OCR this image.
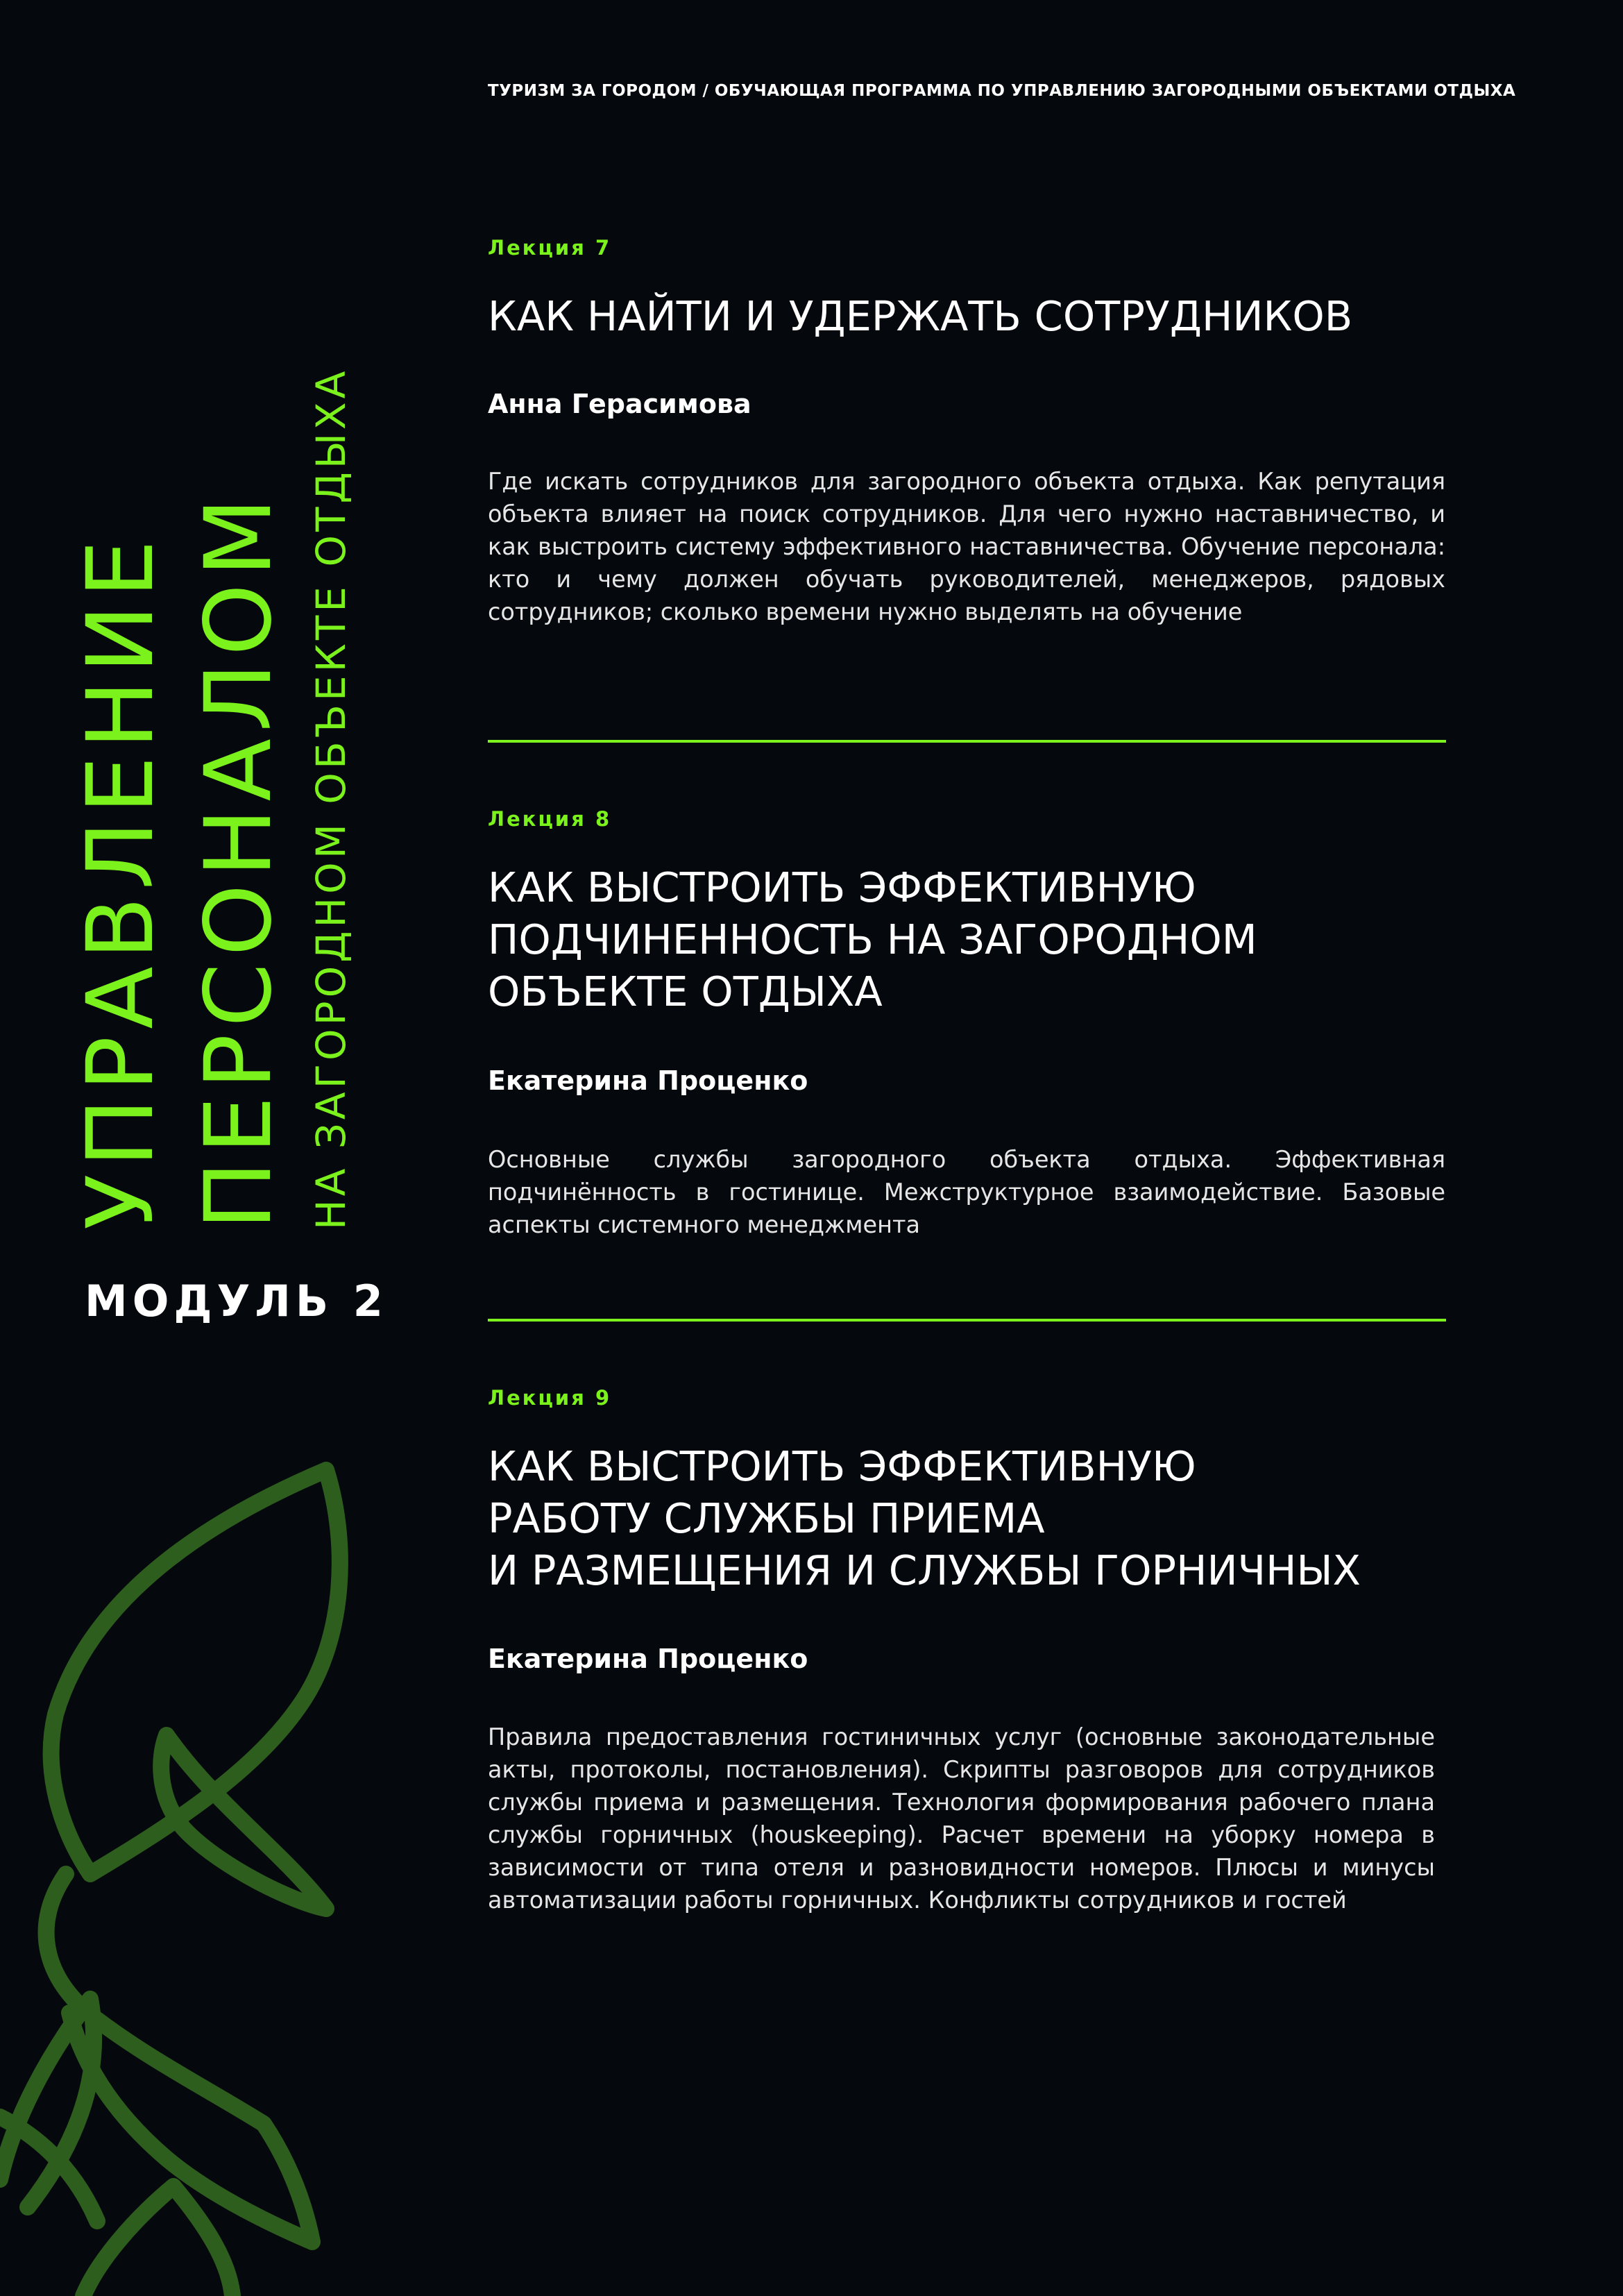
ТУРИЗМ ЗА ГОРОДОМ / ОБУЧАЮЩАЯ ПРОГРАММА ПО УПРАВЛЕНИЮ ЗАГОРОДНЫМИ ОБЪЕКТАМИ ОТДЫХА
УПРАВЛЕНИЕ ПЕРСОНАЛОМ НА ЗАГОРОДНОМ ОБЪЕКТЕ ОТДЫХА
МОДУЛЬ 2

Лекция 7

КАК НАЙТИ И УДЕРЖАТЬ СОТРУДНИКОВ

Анна Герасимова

Где искать сотрудников для загородного объекта отдыха. Как репутация объекта влияет на поиск сотрудников. Для чего нужно наставничество, и как выстроить систему эффективного наставничества. Обучение персонала: кто и чему должен обучать руководителей, менеджеров, рядовых сотрудников; сколько времени нужно выделять на обучение

Лекция 8

КАК ВЫСТРОИТЬ ЭФФЕКТИВНУЮ
ПОДЧИНЕННОСТЬ НА ЗАГОРОДНОМ
ОБЪЕКТЕ ОТДЫХА

Екатерина Проценко

Основные службы загородного объекта отдыха. Эффективная подчинённость в гостинице. Межструктурное взаимодействие. Базовые аспекты системного менеджмента

Лекция 9

КАК ВЫСТРОИТЬ ЭФФЕКТИВНУЮ
РАБОТУ СЛУЖБЫ ПРИЕМА
И РАЗМЕЩЕНИЯ И СЛУЖБЫ ГОРНИЧНЫХ

Екатерина Проценко

Правила предоставления гостиничных услуг (основные законодательные акты, протоколы, постановления). Скрипты разговоров для сотрудников службы приема и размещения. Технология формирования рабочего плана службы горничных (houskeeping). Расчет времени на уборку номера в зависимости от типа отеля и разновидности номеров. Плюсы и минусы автоматизации работы горничных. Конфликты сотрудников и гостей
